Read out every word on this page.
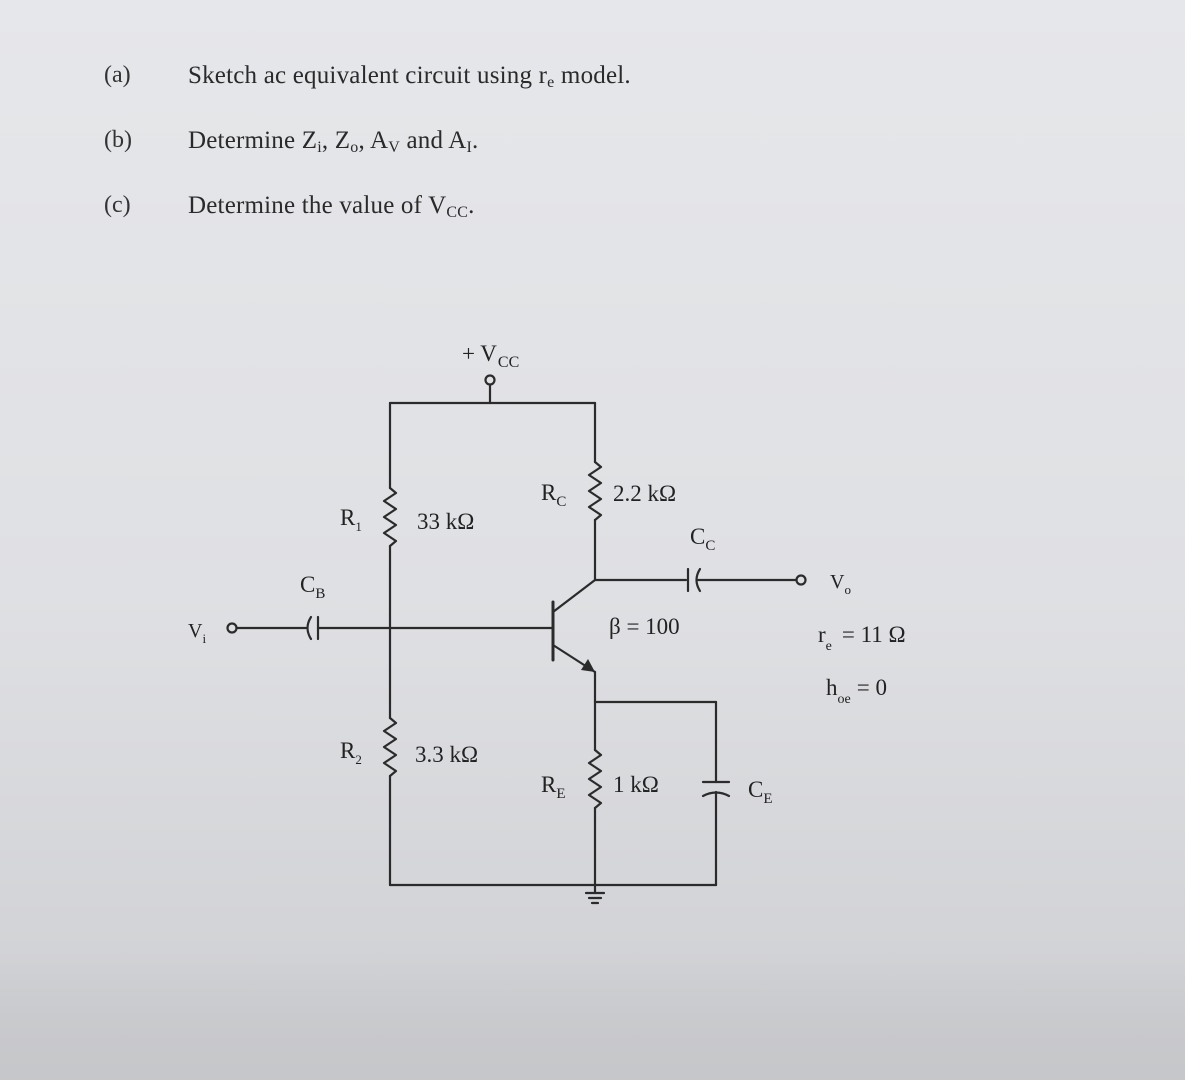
(a) Sketch ac equivalent circuit using $r_e$ model.
(b) Determine $Z_i$, $Z_o$, $A_V$ and $A_I$.
(c) Determine the value of $V_{CC}$.
+ $V_{CC}$
$R_1$ 33 kΩ
$R_2$ 3.3 kΩ
$R_C$ 2.2 kΩ
$R_E$ 1 kΩ
$C_B$
$C_C$
$C_E$
$V_i$
$V_o$
β = 100	$r_e = 11$ Ω
$h_{oe} = 0$
